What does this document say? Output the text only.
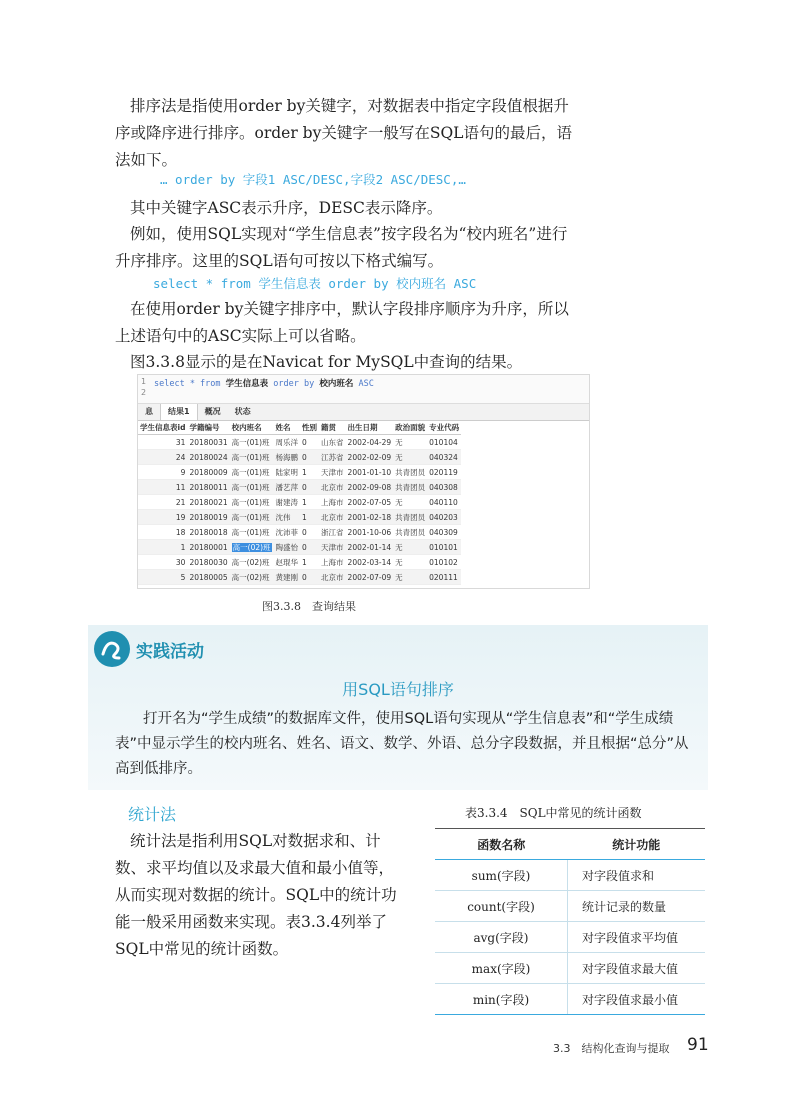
排序法是指使用order by关键字，对数据表中指定字段值根据升序或降序进行排序。order by关键字一般写在SQL语句的最后，语法如下。

… order by 字段1 ASC/DESC,字段2 ASC/DESC,…

其中关键字ASC表示升序，DESC表示降序。

例如，使用SQL实现对“学生信息表”按字段名为“校内班名”进行升序排序。这里的SQL语句可按以下格式编写。

select * from 学生信息表 order by 校内班名 ASC

在使用order by关键字排序中，默认字段排序顺序为升序，所以上述语句中的ASC实际上可以省略。

图3.3.8显示的是在Navicat for MySQL中查询的结果。

1
2
select * from 学生信息表 order by 校内班名 ASC
息	结果1	概况	状态
学生信息表id	学籍编号	校内班名	姓名	性别	籍贯	出生日期	政治面貌	专业代码
31	20180031	高一(01)班	周乐洋	0	山东省	2002-04-29	无	010104
24	20180024	高一(01)班	杨海鹏	0	江苏省	2002-02-09	无	040324
9	20180009	高一(01)班	陆家明	1	天津市	2001-01-10	共青团员	020119
11	20180011	高一(01)班	潘艺萍	0	北京市	2002-09-08	共青团员	040308
21	20180021	高一(01)班	谢建涛	1	上海市	2002-07-05	无	040110
19	20180019	高一(01)班	沈伟	1	北京市	2001-02-18	共青团员	040203
18	20180018	高一(01)班	沈沛菲	0	浙江省	2001-10-06	共青团员	040309
1	20180001	高一(02)班	陶盛怡	0	天津市	2002-01-14	无	010101
30	20180030	高一(02)班	赵琨华	1	上海市	2002-03-14	无	010102
5	20180005	高一(02)班	黄建刚	0	北京市	2002-07-09	无	020111
图3.3.8　查询结果
实践活动
用SQL语句排序
打开名为“学生成绩”的数据库文件，使用SQL语句实现从“学生信息表”和“学生成绩表”中显示学生的校内班名、姓名、语文、数学、外语、总分字段数据，并且根据“总分”从高到低排序。
统计法

统计法是指利用SQL对数据求和、计数、求平均值以及求最大值和最小值等，从而实现对数据的统计。SQL中的统计功能一般采用函数来实现。表3.3.4列举了SQL中常见的统计函数。

表3.3.4　SQL中常见的统计函数
函数名称	统计功能
sum(字段)	对字段值求和
count(字段)	统计记录的数量
avg(字段)	对字段值求平均值
max(字段)	对字段值求最大值
min(字段)	对字段值求最小值
3.3　结构化查询与提取 91
